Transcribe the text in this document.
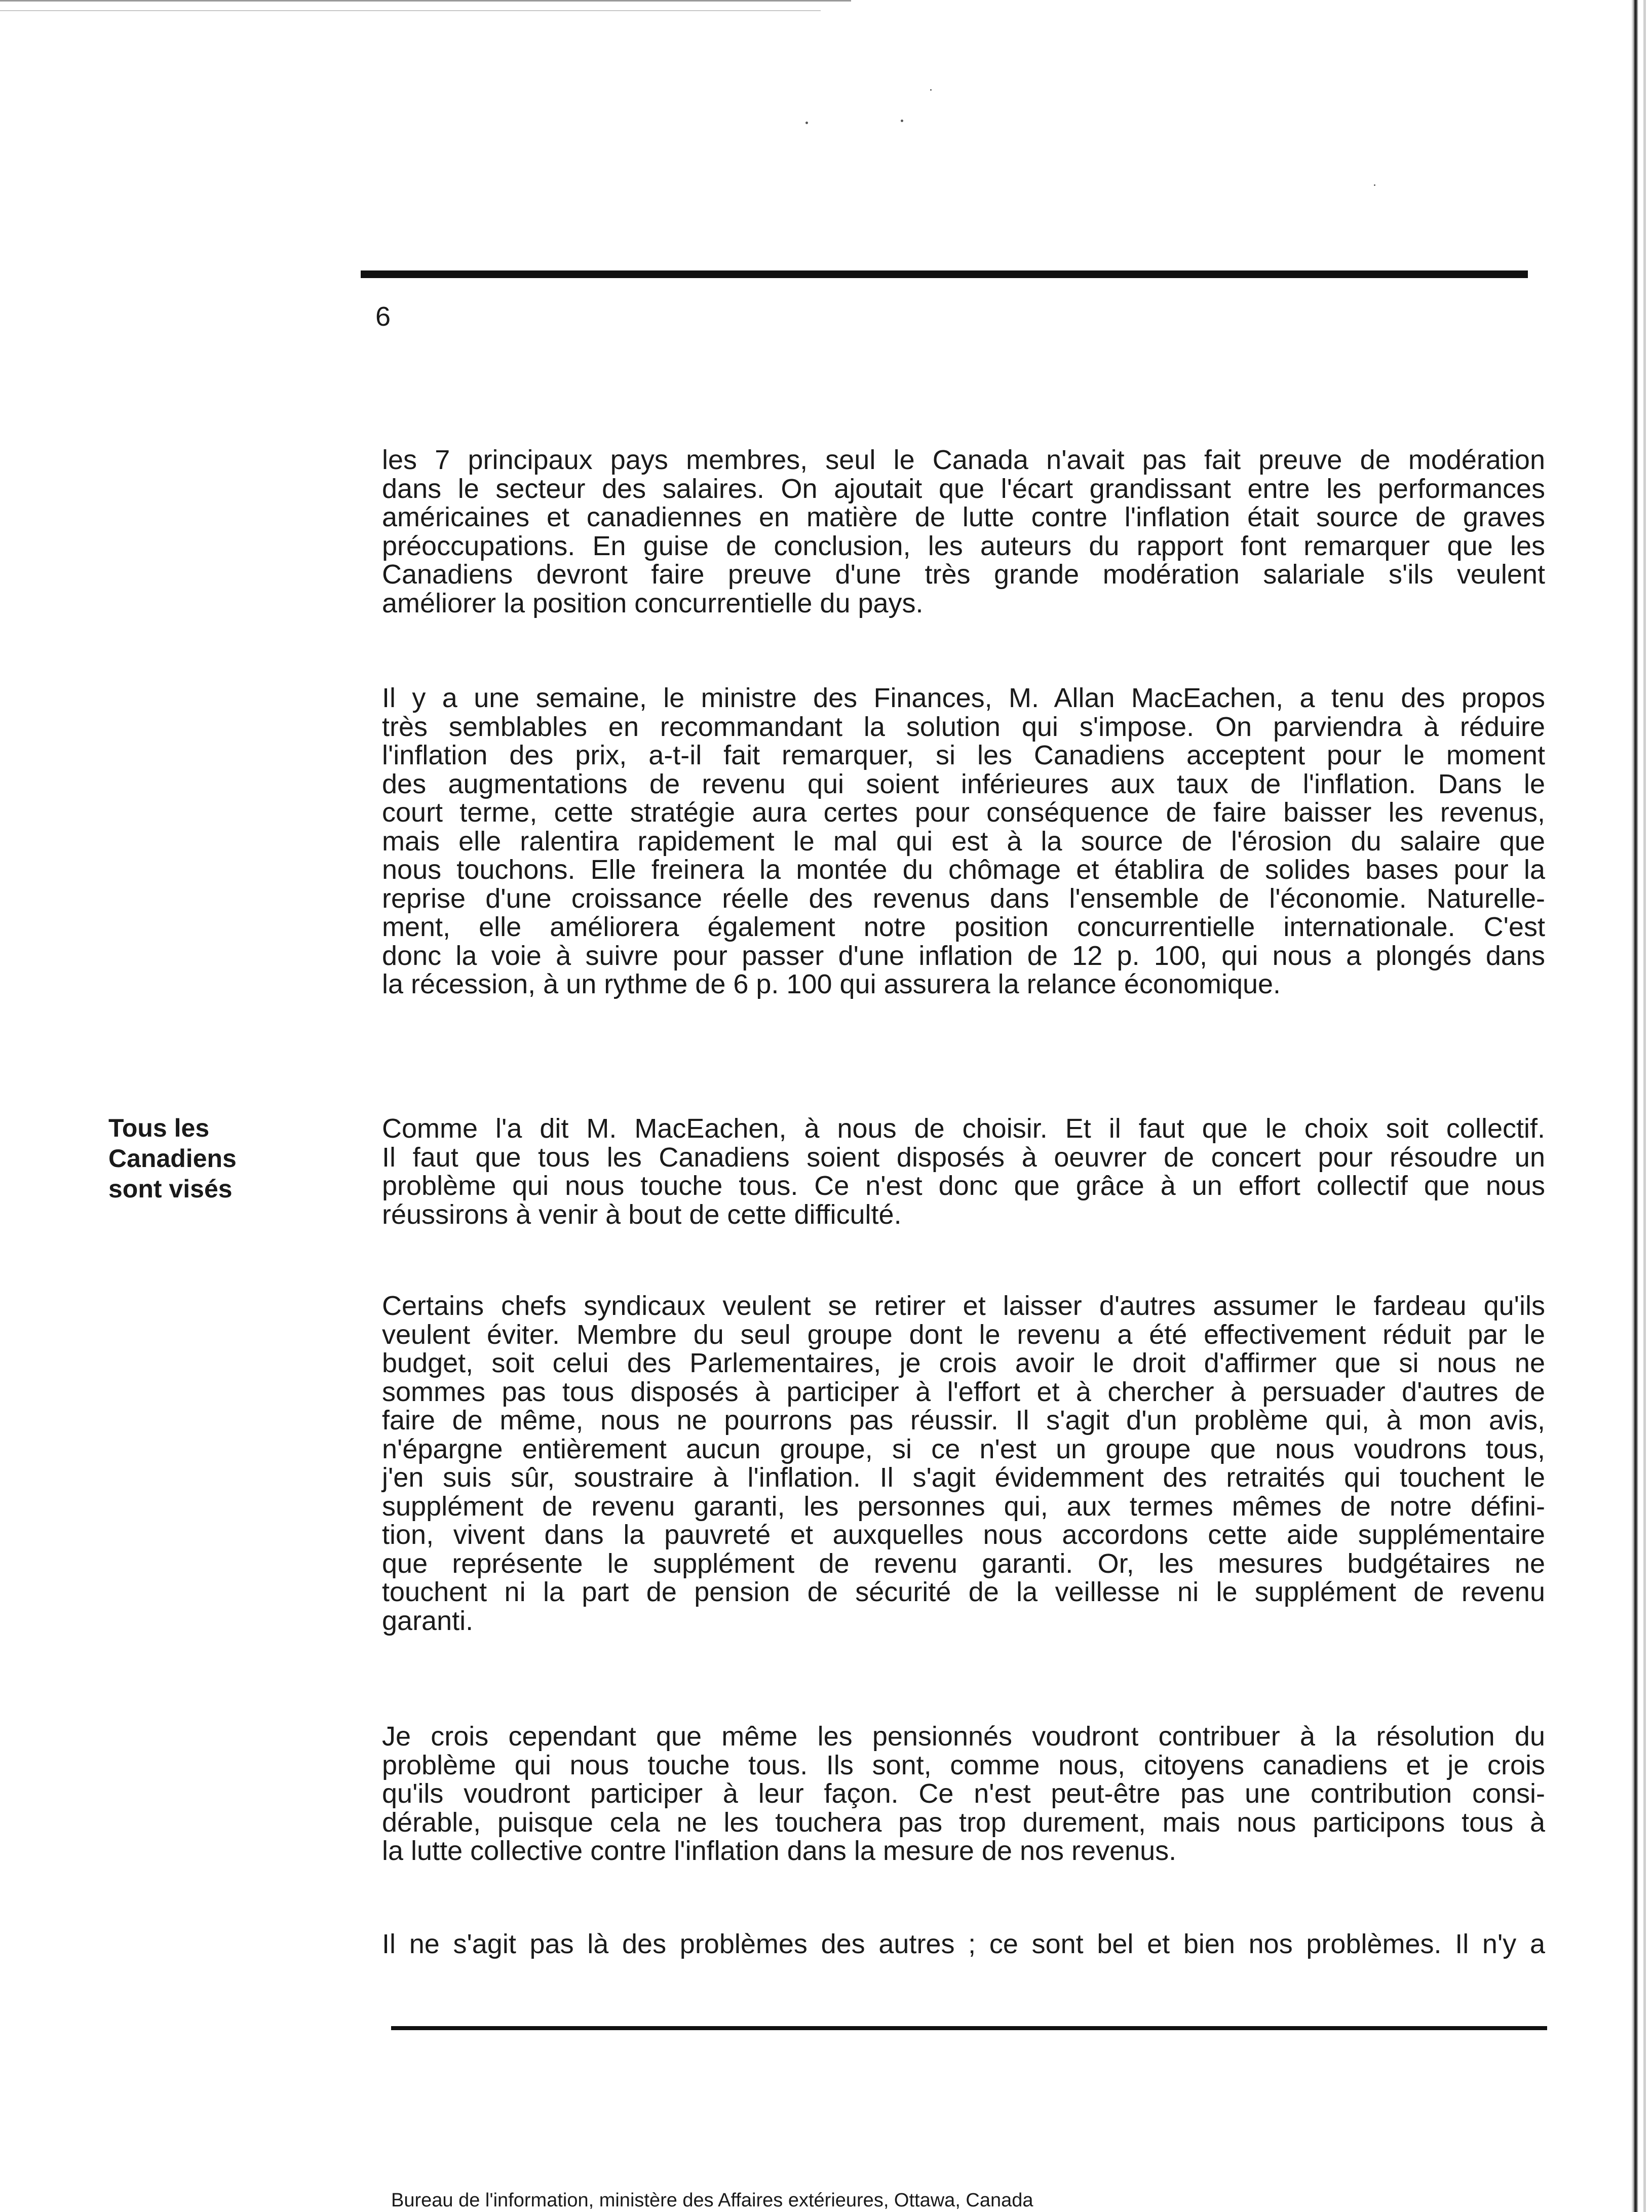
6
Tous les
Canadiens
sont visés
les 7 principaux pays membres, seul le Canada n'avait pas fait preuve de modération
dans le secteur des salaires. On ajoutait que l'écart grandissant entre les performances
américaines et canadiennes en matière de lutte contre l'inflation était source de graves
préoccupations. En guise de conclusion, les auteurs du rapport font remarquer que les
Canadiens devront faire preuve d'une très grande modération salariale s'ils veulent
améliorer la position concurrentielle du pays.
Il y a une semaine, le ministre des Finances, M. Allan MacEachen, a tenu des propos
très semblables en recommandant la solution qui s'impose. On parviendra à réduire
l'inflation des prix, a-t-il fait remarquer, si les Canadiens acceptent pour le moment
des augmentations de revenu qui soient inférieures aux taux de l'inflation. Dans le
court terme, cette stratégie aura certes pour conséquence de faire baisser les revenus,
mais elle ralentira rapidement le mal qui est à la source de l'érosion du salaire que
nous touchons. Elle freinera la montée du chômage et établira de solides bases pour la
reprise d'une croissance réelle des revenus dans l'ensemble de l'économie. Naturelle-
ment, elle améliorera également notre position concurrentielle internationale. C'est
donc la voie à suivre pour passer d'une inflation de 12 p. 100, qui nous a plongés dans
la récession, à un rythme de 6 p. 100 qui assurera la relance économique.
Comme l'a dit M. MacEachen, à nous de choisir. Et il faut que le choix soit collectif.
Il faut que tous les Canadiens soient disposés à oeuvrer de concert pour résoudre un
problème qui nous touche tous. Ce n'est donc que grâce à un effort collectif que nous
réussirons à venir à bout de cette difficulté.
Certains chefs syndicaux veulent se retirer et laisser d'autres assumer le fardeau qu'ils
veulent éviter. Membre du seul groupe dont le revenu a été effectivement réduit par le
budget, soit celui des Parlementaires, je crois avoir le droit d'affirmer que si nous ne
sommes pas tous disposés à participer à l'effort et à chercher à persuader d'autres de
faire de même, nous ne pourrons pas réussir. Il s'agit d'un problème qui, à mon avis,
n'épargne entièrement aucun groupe, si ce n'est un groupe que nous voudrons tous,
j'en suis sûr, soustraire à l'inflation. Il s'agit évidemment des retraités qui touchent le
supplément de revenu garanti, les personnes qui, aux termes mêmes de notre défini-
tion, vivent dans la pauvreté et auxquelles nous accordons cette aide supplémentaire
que représente le supplément de revenu garanti. Or, les mesures budgétaires ne
touchent ni la part de pension de sécurité de la veillesse ni le supplément de revenu
garanti.
Je crois cependant que même les pensionnés voudront contribuer à la résolution du
problème qui nous touche tous. Ils sont, comme nous, citoyens canadiens et je crois
qu'ils voudront participer à leur façon. Ce n'est peut-être pas une contribution consi-
dérable, puisque cela ne les touchera pas trop durement, mais nous participons tous à
la lutte collective contre l'inflation dans la mesure de nos revenus.
Il ne s'agit pas là des problèmes des autres ; ce sont bel et bien nos problèmes. Il n'y a
Bureau de l'information, ministère des Affaires extérieures, Ottawa, Canada
